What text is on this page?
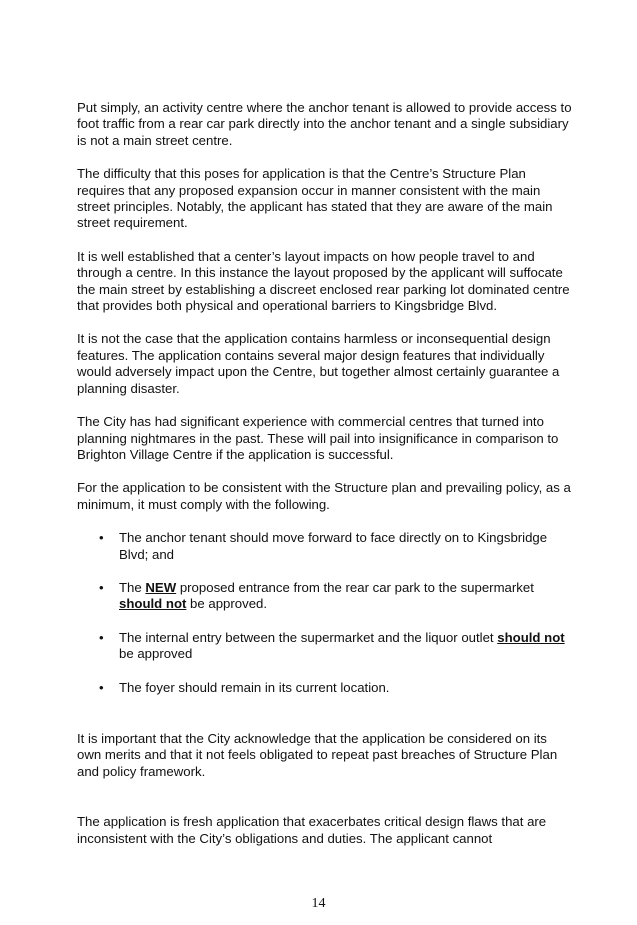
Put simply, an activity centre where the anchor tenant is allowed to provide access to foot traffic from a rear car park directly into the anchor tenant and a single subsidiary is not a main street centre.

The difficulty that this poses for application is that the Centre’s Structure Plan requires that any proposed expansion occur in manner consistent with the main street principles. Notably, the applicant has stated that they are aware of the main street requirement.

It is well established that a center’s layout impacts on how people travel to and through a centre. In this instance the layout proposed by the applicant will suffocate the main street by establishing a discreet enclosed rear parking lot dominated centre that provides both physical and operational barriers to Kingsbridge Blvd.

It is not the case that the application contains harmless or inconsequential design features. The application contains several major design features that individually would adversely impact upon the Centre, but together almost certainly guarantee a planning disaster.

The City has had significant experience with commercial centres that turned into planning nightmares in the past. These will pail into insignificance in comparison to Brighton Village Centre if the application is successful.

For the application to be consistent with the Structure plan and prevailing policy, as a minimum, it must comply with the following.

• The anchor tenant should move forward to face directly on to Kingsbridge Blvd; and
• The NEW proposed entrance from the rear car park to the supermarket should not be approved.
• The internal entry between the supermarket and the liquor outlet should not be approved
• The foyer should remain in its current location.

It is important that the City acknowledge that the application be considered on its own merits and that it not feels obligated to repeat past breaches of Structure Plan and policy framework.

The application is fresh application that exacerbates critical design flaws that are inconsistent with the City’s obligations and duties. The applicant cannot

14
